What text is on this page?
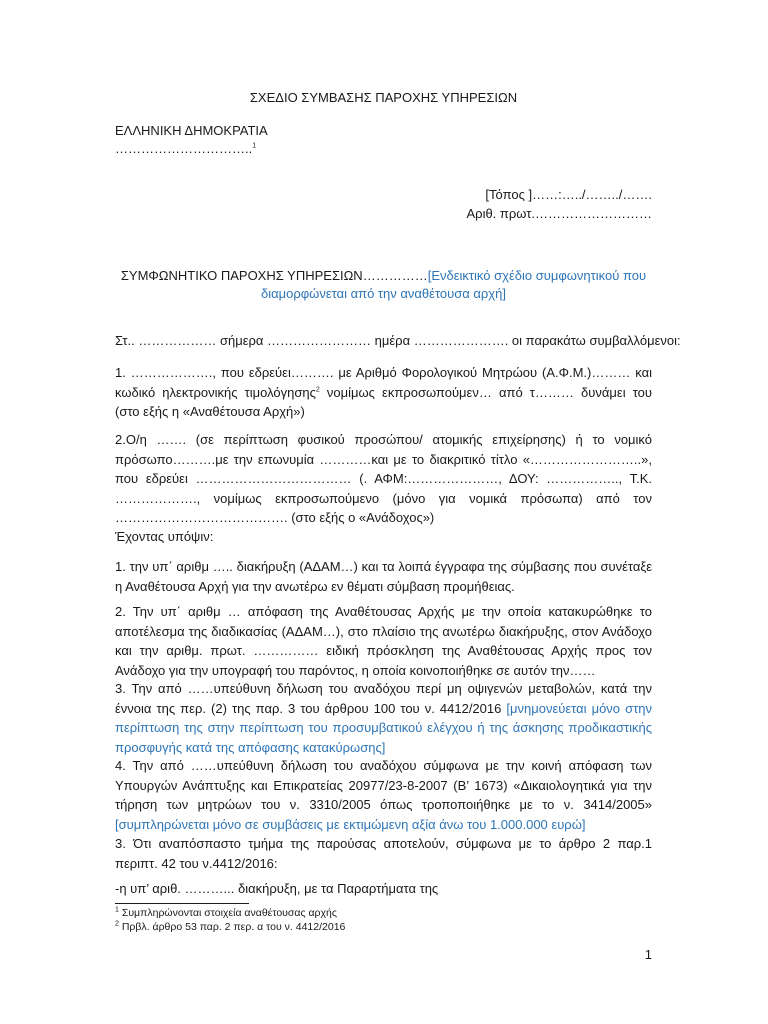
ΣΧΕΔΙΟ ΣΥΜΒΑΣΗΣ ΠΑΡΟΧΗΣ ΥΠΗΡΕΣΙΩΝ
ΕΛΛΗΝΙΚΗ ΔΗΜΟΚΡΑΤΙΑ
…………………………..$^1$
[Τόπος ]……:…../……../…….
Αριθ. πρωτ.………………………
ΣΥΜΦΩΝΗΤΙΚΟ ΠΑΡΟΧΗΣ ΥΠΗΡΕΣΙΩΝ……………[Ενδεικτικό σχέδιο συμφωνητικού που
διαμορφώνεται από την αναθέτουσα αρχή]
Στ.. ……………… σήμερα …………………… ημέρα …………………. οι παρακάτω συμβαλλόμενοι:
1. ………………., που εδρεύει………. με Αριθμό Φορολογικού Μητρώου (Α.Φ.Μ.)……… και κωδικό ηλεκτρονικής τιμολόγησης$^2$ νομίμως εκπροσωπούμεν… από τ……… δυνάμει του (στο εξής η «Αναθέτουσα Αρχή»)
2.Ο/η ……. (σε περίπτωση φυσικού προσώπου/ ατομικής επιχείρησης) ή το νομικό πρόσωπο……….με την επωνυμία …………και με το διακριτικό τίτλο «……………………..», που εδρεύει ……………………………… (. ΑΦΜ:…………………, ΔΟΥ: …………….., Τ.Κ. ………………., νομίμως εκπροσωπούμενο (μόνο για νομικά πρόσωπα) από τον …………………………………. (στο εξής ο «Ανάδοχος»)
Έχοντας υπόψιν:
1. την υπ΄ αριθμ ….. διακήρυξη (ΑΔΑΜ…) και τα λοιπά έγγραφα της σύμβασης που συνέταξε η Αναθέτουσα Αρχή για την ανωτέρω εν θέματι σύμβαση προμήθειας.
2. Την υπ΄ αριθμ … απόφαση της Αναθέτουσας Αρχής με την οποία κατακυρώθηκε το αποτέλεσμα της διαδικασίας (ΑΔΑΜ…), στο πλαίσιο της ανωτέρω διακήρυξης, στον Ανάδοχο και την αριθμ. πρωτ. …………… ειδική πρόσκληση της Αναθέτουσας Αρχής προς τον Ανάδοχο για την υπογραφή του παρόντος, η οποία κοινοποιήθηκε σε αυτόν την……
3. Την από ……υπεύθυνη δήλωση του αναδόχου περί μη οψιγενών μεταβολών, κατά την έννοια της περ. (2) της παρ. 3 του άρθρου 100 του ν. 4412/2016 [μνημονεύεται μόνο στην περίπτωση της στην περίπτωση του προσυμβατικού ελέγχου ή της άσκησης προδικαστικής προσφυγής κατά της απόφασης κατακύρωσης]
4. Την από ……υπεύθυνη δήλωση του αναδόχου σύμφωνα με την κοινή απόφαση των Υπουργών Ανάπτυξης και Επικρατείας 20977/23-8-2007 (Β’ 1673) «Δικαιολογητικά για την τήρηση των μητρώων του ν. 3310/2005 όπως τροποποιήθηκε με το ν. 3414/2005» [συμπληρώνεται μόνο σε συμβάσεις με εκτιμώμενη αξία άνω του 1.000.000 ευρώ]
3. Ότι αναπόσπαστο τμήμα της παρούσας αποτελούν, σύμφωνα με το άρθρο 2 παρ.1 περιπτ. 42 του ν.4412/2016:
-η υπ’ αριθ. ………... διακήρυξη, με τα Παραρτήματα της
$^1$ Συμπληρώνονται στοιχεία αναθέτουσας αρχής
$^2$ Πρβλ. άρθρο 53 παρ. 2 περ. α του ν. 4412/2016
1
